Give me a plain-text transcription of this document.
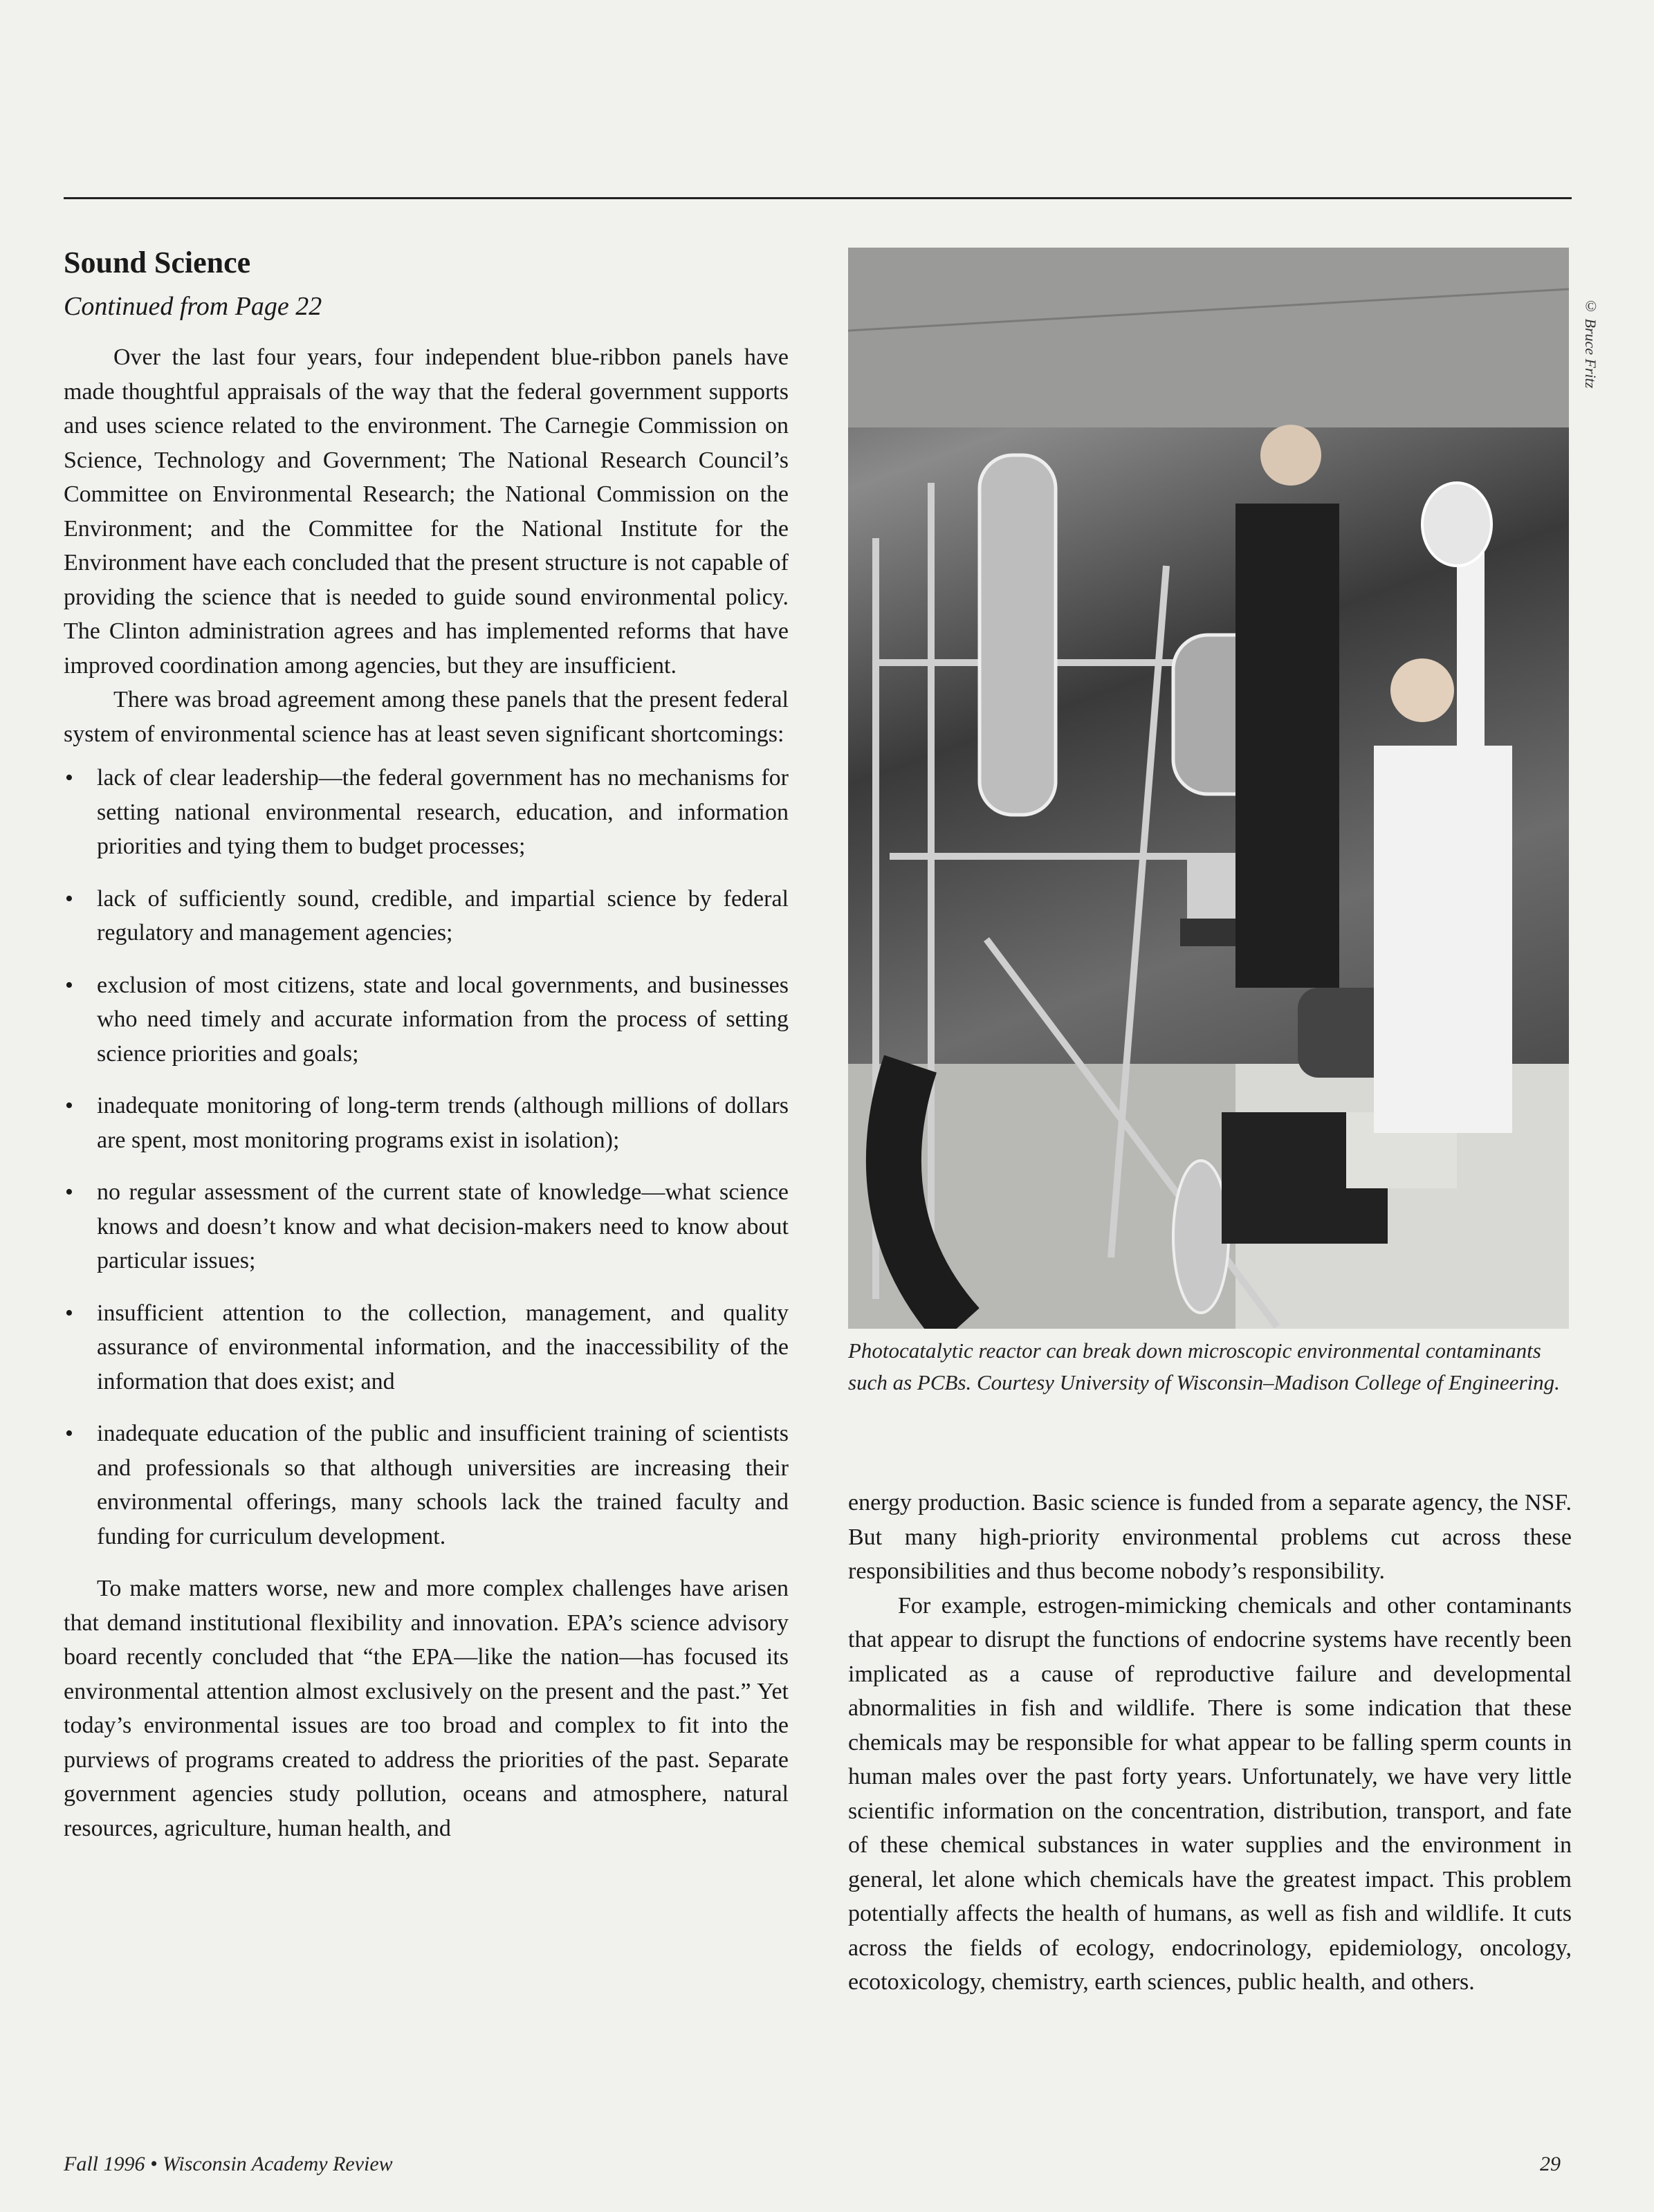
Sound Science
Continued from Page 22

Over the last four years, four independent blue-ribbon panels have made thoughtful appraisals of the way that the federal government supports and uses science related to the environment. The Carnegie Commission on Science, Technology and Government; The National Research Council’s Committee on Environmental Research; the National Commission on the Environment; and the Committee for the National Institute for the Environment have each concluded that the present structure is not capable of providing the science that is needed to guide sound environmental policy. The Clinton administration agrees and has implemented reforms that have improved coordination among agencies, but they are insufficient.

There was broad agreement among these panels that the present federal system of environmental science has at least seven significant shortcomings:

• lack of clear leadership—the federal government has no mechanisms for setting national environmental research, education, and information priorities and tying them to budget processes;
• lack of sufficiently sound, credible, and impartial science by federal regulatory and management agencies;
• exclusion of most citizens, state and local governments, and businesses who need timely and accurate information from the process of setting science priorities and goals;
• inadequate monitoring of long-term trends (although millions of dollars are spent, most monitoring programs exist in isolation);
• no regular assessment of the current state of knowledge—what science knows and doesn’t know and what decision-makers need to know about particular issues;
• insufficient attention to the collection, management, and quality assurance of environmental information, and the inaccessibility of the information that does exist; and
• inadequate education of the public and insufficient training of scientists and professionals so that although universities are increasing their environmental offerings, many schools lack the trained faculty and funding for curriculum development.

To make matters worse, new and more complex challenges have arisen that demand institutional flexibility and innovation. EPA’s science advisory board recently concluded that “the EPA—like the nation—has focused its environmental attention almost exclusively on the present and the past.” Yet today’s environmental issues are too broad and complex to fit into the purviews of programs created to address the priorities of the past. Separate government agencies study pollution, oceans and atmosphere, natural resources, agriculture, human health, and

© Bruce Fritz
Photocatalytic reactor can break down microscopic environmental contaminants such as PCBs. Courtesy University of Wisconsin–Madison College of Engineering.

energy production. Basic science is funded from a separate agency, the NSF. But many high-priority environmental problems cut across these responsibilities and thus become nobody’s responsibility.

For example, estrogen-mimicking chemicals and other contaminants that appear to disrupt the functions of endocrine systems have recently been implicated as a cause of reproductive failure and developmental abnormalities in fish and wildlife. There is some indication that these chemicals may be responsible for what appear to be falling sperm counts in human males over the past forty years. Unfortunately, we have very little scientific information on the concentration, distribution, transport, and fate of these chemical substances in water supplies and the environment in general, let alone which chemicals have the greatest impact. This problem potentially affects the health of humans, as well as fish and wildlife. It cuts across the fields of ecology, endocrinology, epidemiology, oncology, ecotoxicology, chemistry, earth sciences, public health, and others.

Fall 1996 • Wisconsin Academy Review	29
